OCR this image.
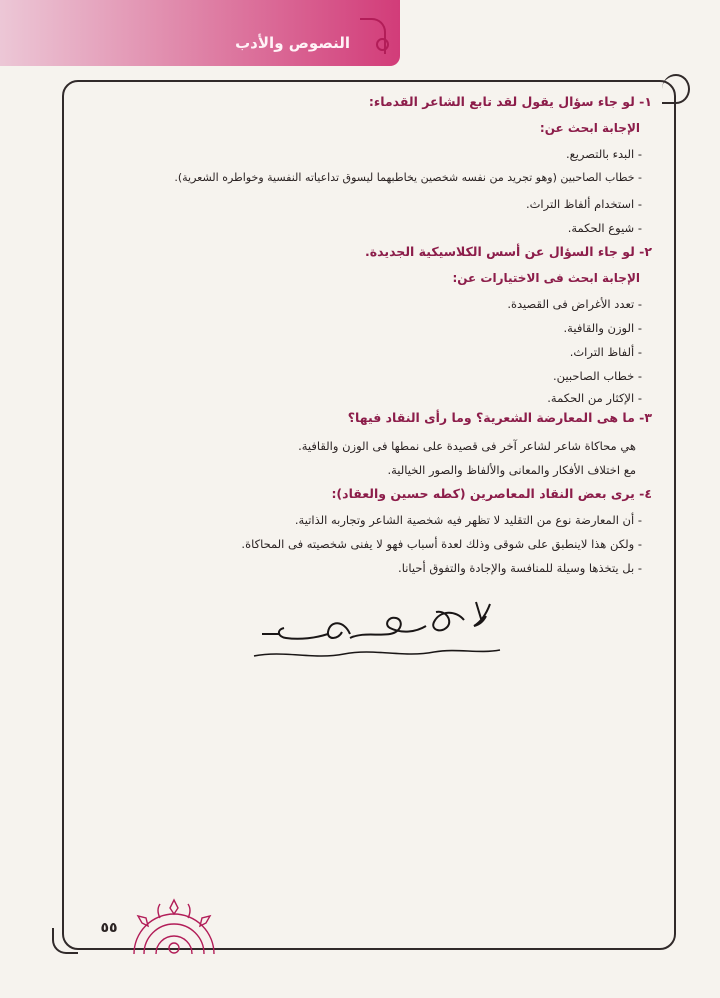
النصوص والأدب
١- لو جاء سؤال يقول لقد تابع الشاعر القدماء:
الإجابة ابحث عن:
- البدء بالتصريع.
- خطاب الصاحبين (وهو تجريد من نفسه شخصين يخاطبهما ليسوق تداعياته النفسية وخواطره الشعرية).
- استخدام ألفاظ التراث.
- شيوع الحكمة.
٢- لو جاء السؤال عن أسس الكلاسيكية الجديدة.
الإجابة ابحث فى الاختيارات عن:
- تعدد الأغراض فى القصيدة.
- الوزن والقافية.
- ألفاظ التراث.
- خطاب الصاحبين.
- الإكثار من الحكمة.
٣- ما هى المعارضة الشعرية؟ وما رأى النقاد فيها؟
هي محاكاة شاعر لشاعر آخر فى قصيدة على نمطها فى الوزن والقافية.
مع اختلاف الأفكار والمعانى والألفاظ والصور الخيالية.
٤- يرى بعض النقاد المعاصرين (كطه حسين والعقاد):
- أن المعارضة نوع من التقليد لا تظهر فيه شخصية الشاعر وتجاربه الذاتية.
- ولكن هذا لاينطبق على شوقى وذلك لعدة أسباب فهو لا يفنى شخصيته فى المحاكاة.
- بل يتخذها وسيلة للمنافسة والإجادة والتفوق أحيانا.
٥٥
